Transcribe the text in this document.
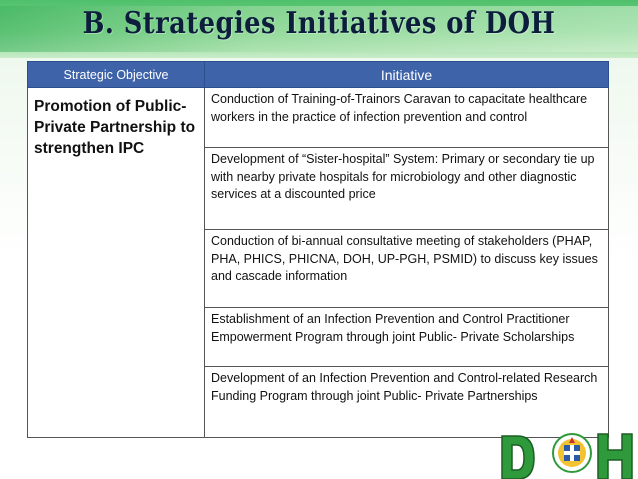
B. Strategies Initiatives of DOH
Strategic Objective	Initiative
Promotion of Public- Private Partnership to strengthen IPC	Conduction of Training-of-Trainors Caravan to capacitate healthcare workers in the practice of infection prevention and control
	Development of “Sister-hospital” System: Primary or secondary tie up with nearby private hospitals for microbiology and other diagnostic services at a discounted price
	Conduction of bi-annual consultative meeting of stakeholders (PHAP, PHA, PHICS, PHICNA, DOH, UP-PGH, PSMID) to discuss key issues and cascade information
	Establishment of an Infection Prevention and Control Practitioner Empowerment Program through joint Public- Private Scholarships
	Development of an Infection Prevention and Control-related Research Funding Program through joint Public- Private Partnerships
